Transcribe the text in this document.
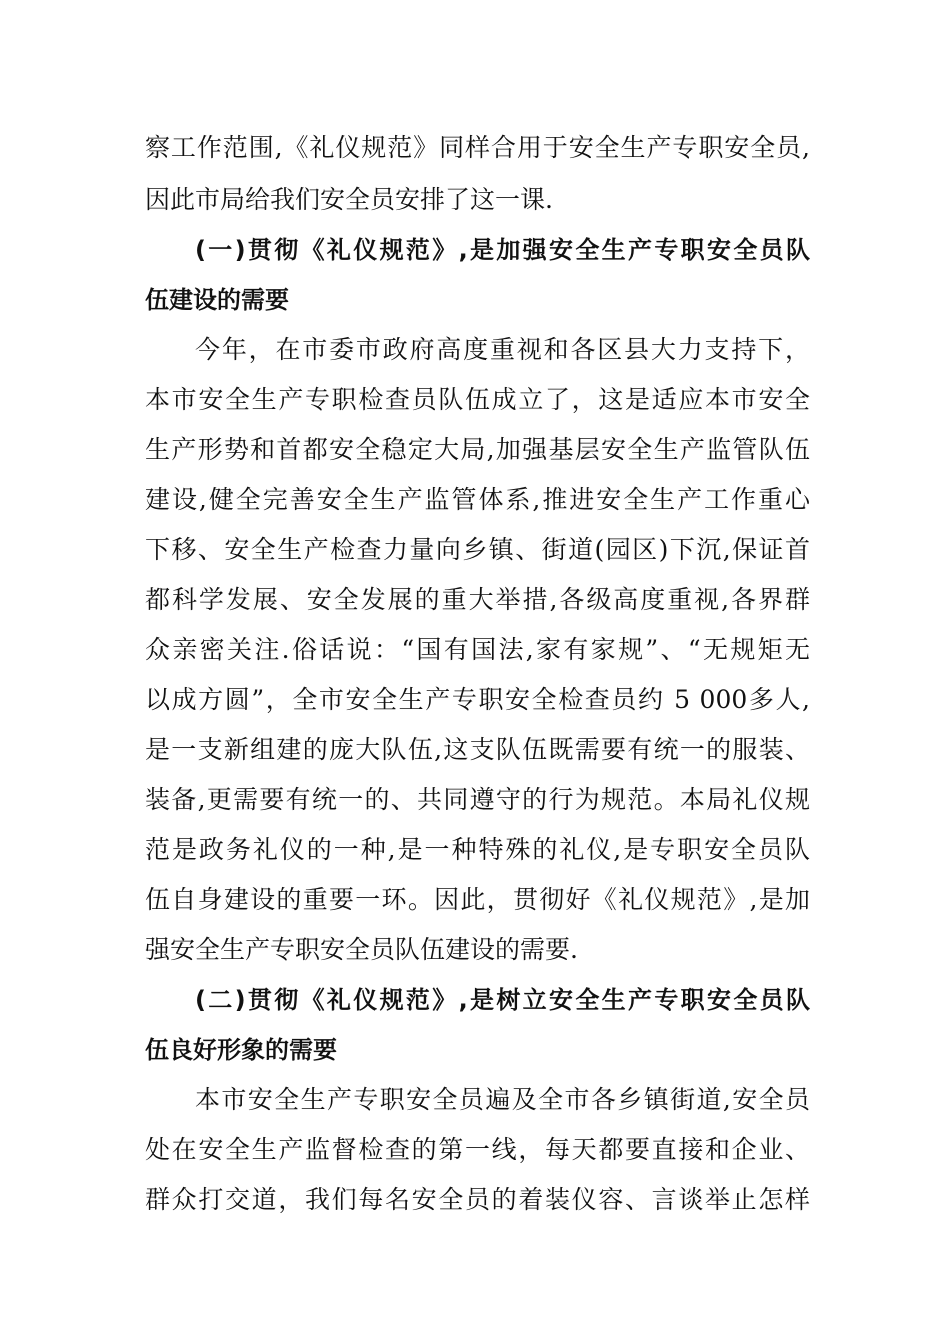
察工作范围,《礼仪规范》同样合用于安全生产专职安全员,
因此市局给我们安全员安排了这一课.
(一)贯彻《礼仪规范》,是加强安全生产专职安全员队
伍建设的需要
今年，在市委市政府高度重视和各区县大力支持下，
本市安全生产专职检查员队伍成立了，这是适应本市安全
生产形势和首都安全稳定大局,加强基层安全生产监管队伍
建设,健全完善安全生产监管体系,推进安全生产工作重心
下移、安全生产检查力量向乡镇、街道(园区)下沉,保证首
都科学发展、安全发展的重大举措,各级高度重视,各界群
众亲密关注.俗话说：“国有国法,家有家规”、“无规矩无
以成方圆”，全市安全生产专职安全检查员约 5 000多人,
是一支新组建的庞大队伍,这支队伍既需要有统一的服装、
装备,更需要有统一的、共同遵守的行为规范。本局礼仪规
范是政务礼仪的一种,是一种特殊的礼仪,是专职安全员队
伍自身建设的重要一环。因此，贯彻好《礼仪规范》,是加
强安全生产专职安全员队伍建设的需要.
(二)贯彻《礼仪规范》,是树立安全生产专职安全员队
伍良好形象的需要
本市安全生产专职安全员遍及全市各乡镇街道,安全员
处在安全生产监督检查的第一线，每天都要直接和企业、
群众打交道，我们每名安全员的着装仪容、言谈举止怎样
